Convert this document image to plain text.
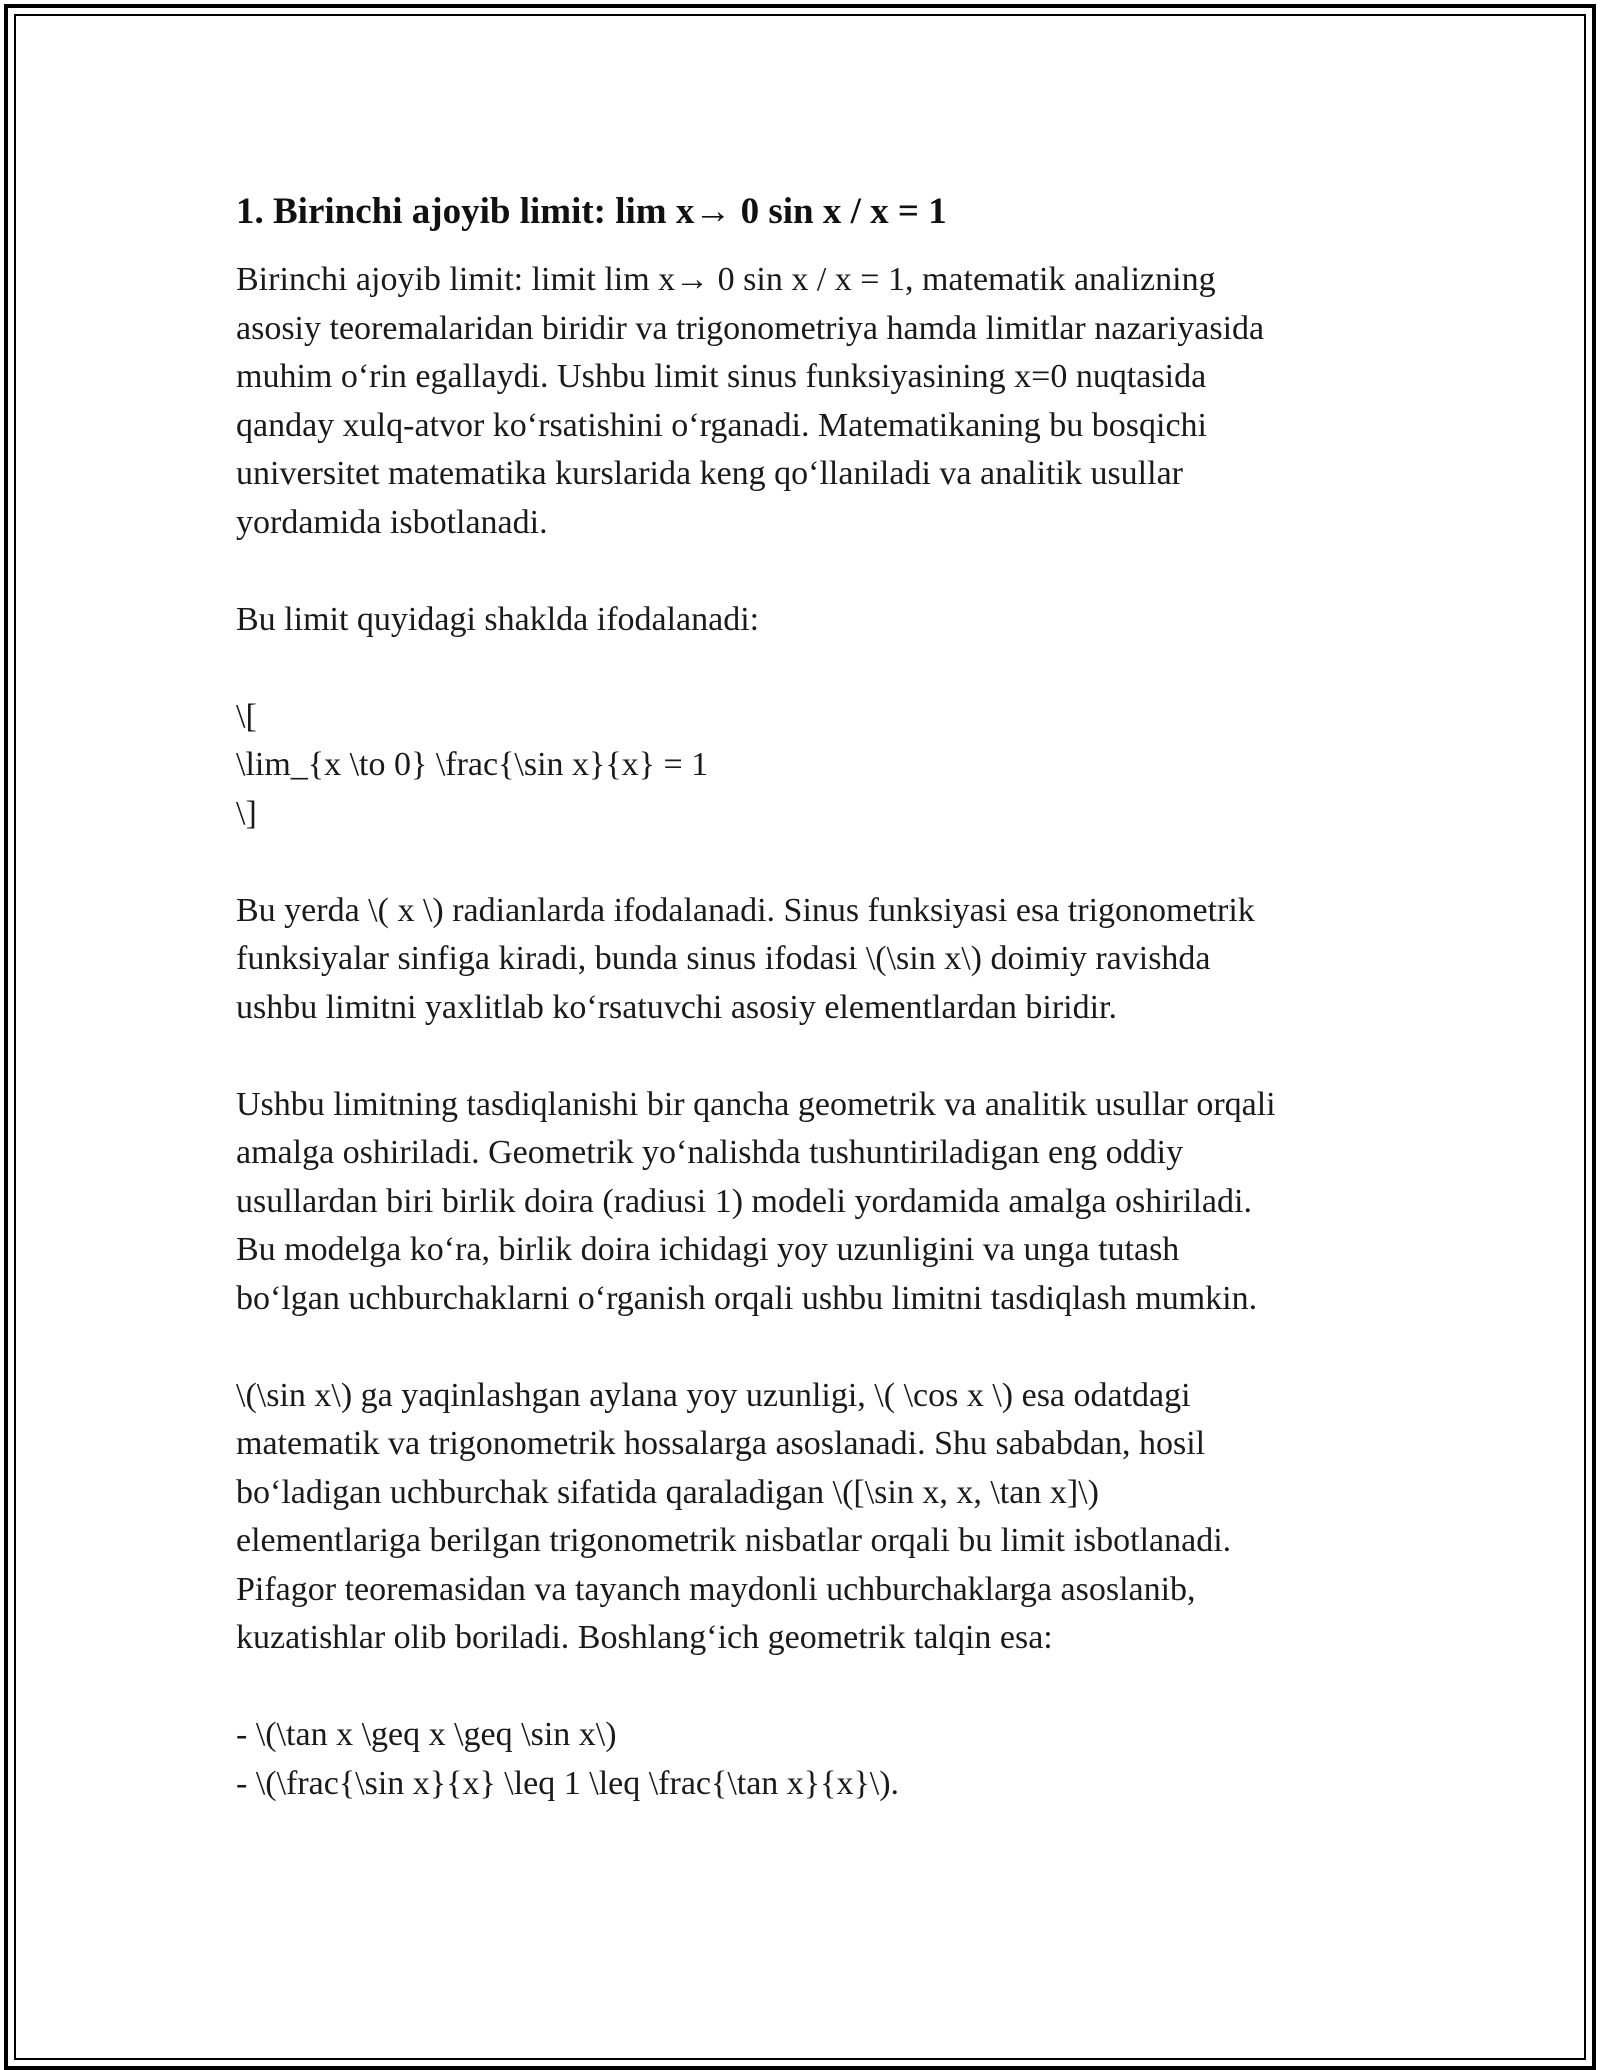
1. Birinchi ajoyib limit: lim x→ 0 sin x / x = 1
Birinchi ajoyib limit: limit lim x→ 0 sin x / x = 1, matematik analizning
asosiy teoremalaridan biridir va trigonometriya hamda limitlar nazariyasida
muhim o‘rin egallaydi. Ushbu limit sinus funksiyasining x=0 nuqtasida
qanday xulq-atvor ko‘rsatishini o‘rganadi. Matematikaning bu bosqichi
universitet matematika kurslarida keng qo‘llaniladi va analitik usullar
yordamida isbotlanadi.
Bu limit quyidagi shaklda ifodalanadi:
\[
\lim_{x \to 0} \frac{\sin x}{x} = 1
\]
Bu yerda \( x \) radianlarda ifodalanadi. Sinus funksiyasi esa trigonometrik
funksiyalar sinfiga kiradi, bunda sinus ifodasi \(\sin x\) doimiy ravishda
ushbu limitni yaxlitlab ko‘rsatuvchi asosiy elementlardan biridir.
Ushbu limitning tasdiqlanishi bir qancha geometrik va analitik usullar orqali
amalga oshiriladi. Geometrik yo‘nalishda tushuntiriladigan eng oddiy
usullardan biri birlik doira (radiusi 1) modeli yordamida amalga oshiriladi.
Bu modelga ko‘ra, birlik doira ichidagi yoy uzunligini va unga tutash
bo‘lgan uchburchaklarni o‘rganish orqali ushbu limitni tasdiqlash mumkin.
\(\sin x\) ga yaqinlashgan aylana yoy uzunligi, \( \cos x \) esa odatdagi
matematik va trigonometrik hossalarga asoslanadi. Shu sababdan, hosil
bo‘ladigan uchburchak sifatida qaraladigan \([\sin x, x, \tan x]\)
elementlariga berilgan trigonometrik nisbatlar orqali bu limit isbotlanadi.
Pifagor teoremasidan va tayanch maydonli uchburchaklarga asoslanib,
kuzatishlar olib boriladi. Boshlang‘ich geometrik talqin esa:
- \(\tan x \geq x \geq \sin x\)
- \(\frac{\sin x}{x} \leq 1 \leq \frac{\tan x}{x}\).
